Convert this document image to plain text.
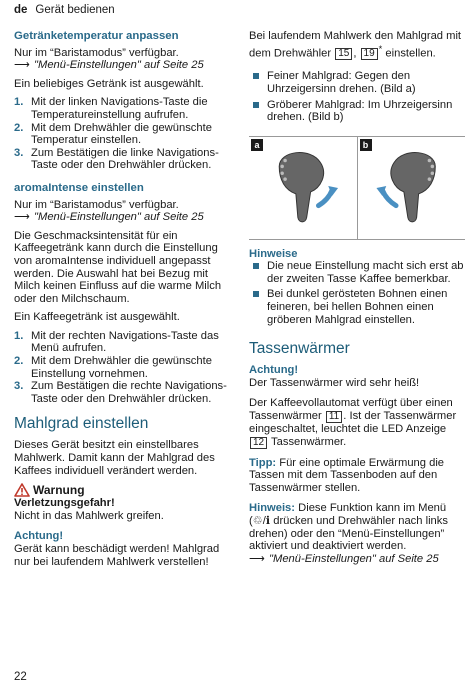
de Gerät bedienen
Getränketemperatur anpassen

Nur im “Baristamodus” verfügbar.
⟶ "Menü-Einstellungen" auf Seite 25

Ein beliebiges Getränk ist ausgewählt.

1. Mit der linken Navigations-Taste die Temperatureinstellung aufrufen.
2. Mit dem Drehwähler die gewünschte Temperatur einstellen.
3. Zum Bestätigen die linke Navigations-Taste oder den Drehwähler drücken.
aromaIntense einstellen

Nur im “Baristamodus” verfügbar.
⟶ "Menü-Einstellungen" auf Seite 25

Die Geschmacksintensität für ein Kaffeegetränk kann durch die Einstellung von aromaIntense individuell angepasst werden. Die Auswahl hat bei Bezug mit Milch keinen Einfluss auf die warme Milch oder den Milchschaum.

Ein Kaffeegetränk ist ausgewählt.

1. Mit der rechten Navigations-Taste das Menü aufrufen.
2. Mit dem Drehwähler die gewünschte Einstellung vornehmen.
3. Zum Bestätigen die rechte Navigations-Taste oder den Drehwähler drücken.
Mahlgrad einstellen

Dieses Gerät besitzt ein einstellbares Mahlwerk. Damit kann der Mahlgrad des Kaffees individuell verändert werden.

Warnung
Verletzungsgefahr!

Nicht in das Mahlwerk greifen.

Achtung!

Gerät kann beschädigt werden! Mahlgrad nur bei laufendem Mahlwerk verstellen!

Bei laufendem Mahlwerk den Mahlgrad mit dem Drehwähler 15 , 19 * einstellen.

Feiner Mahlgrad: Gegen den Uhrzeigersinn drehen. (Bild a)
Gröberer Mahlgrad: Im Uhrzeigersinn drehen. (Bild b)
a	b
Hinweise
Die neue Einstellung macht sich erst ab der zweiten Tasse Kaffee bemerkbar.
Bei dunkel gerösteten Bohnen einen feineren, bei hellen Bohnen einen gröberen Mahlgrad einstellen.
Tassenwärmer
Achtung!

Der Tassenwärmer wird sehr heiß!

Der Kaffeevollautomat verfügt über einen Tassenwärmer 11 . Ist der Tassenwärmer eingeschaltet, leuchtet die LED Anzeige 12 Tassenwärmer.

Tipp: Für eine optimale Erwärmung die Tassen mit dem Tassenboden auf den Tassenwärmer stellen.

Hinweis: Diese Funktion kann im Menü (♲/ℹ drücken und Drehwähler nach links drehen) oder den “Menü-Einstellungen” aktiviert und deaktiviert werden.
⟶ "Menü-Einstellungen" auf Seite 25

22
